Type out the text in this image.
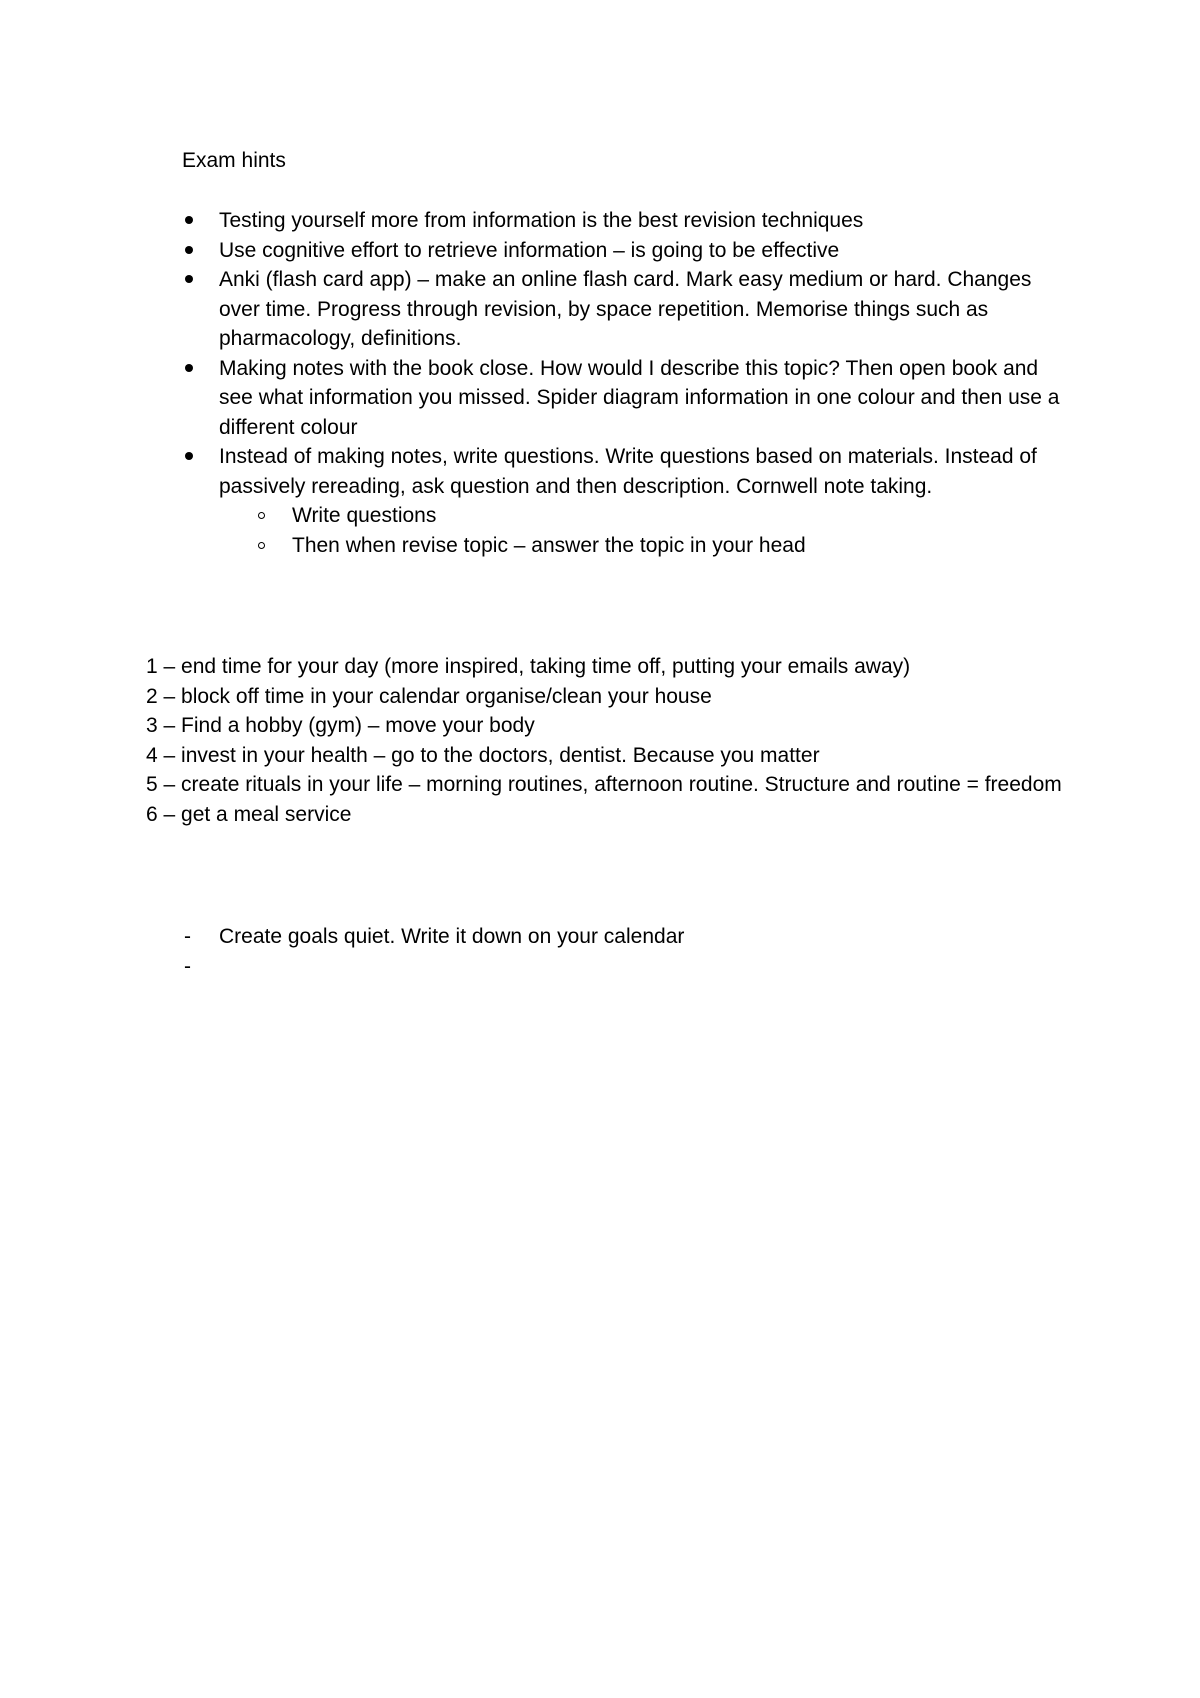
Exam hints
Testing yourself more from information is the best revision techniques
Use cognitive effort to retrieve information – is going to be effective
Anki (flash card app) – make an online flash card. Mark easy medium or hard. Changes over time. Progress through revision, by space repetition. Memorise things such as pharmacology, definitions.
Making notes with the book close. How would I describe this topic? Then open book and see what information you missed. Spider diagram information in one colour and then use a different colour
Instead of making notes, write questions. Write questions based on materials. Instead of passively rereading, ask question and then description. Cornwell note taking.
Write questions
Then when revise topic – answer the topic in your head
1 – end time for your day (more inspired, taking time off, putting your emails away)
2 – block off time in your calendar organise/clean your house
3 – Find a hobby (gym) – move your body
4 – invest in your health – go to the doctors, dentist. Because you matter
5 – create rituals in your life – morning routines, afternoon routine. Structure and routine = freedom
6 – get a meal service
- Create goals quiet. Write it down on your calendar
-
